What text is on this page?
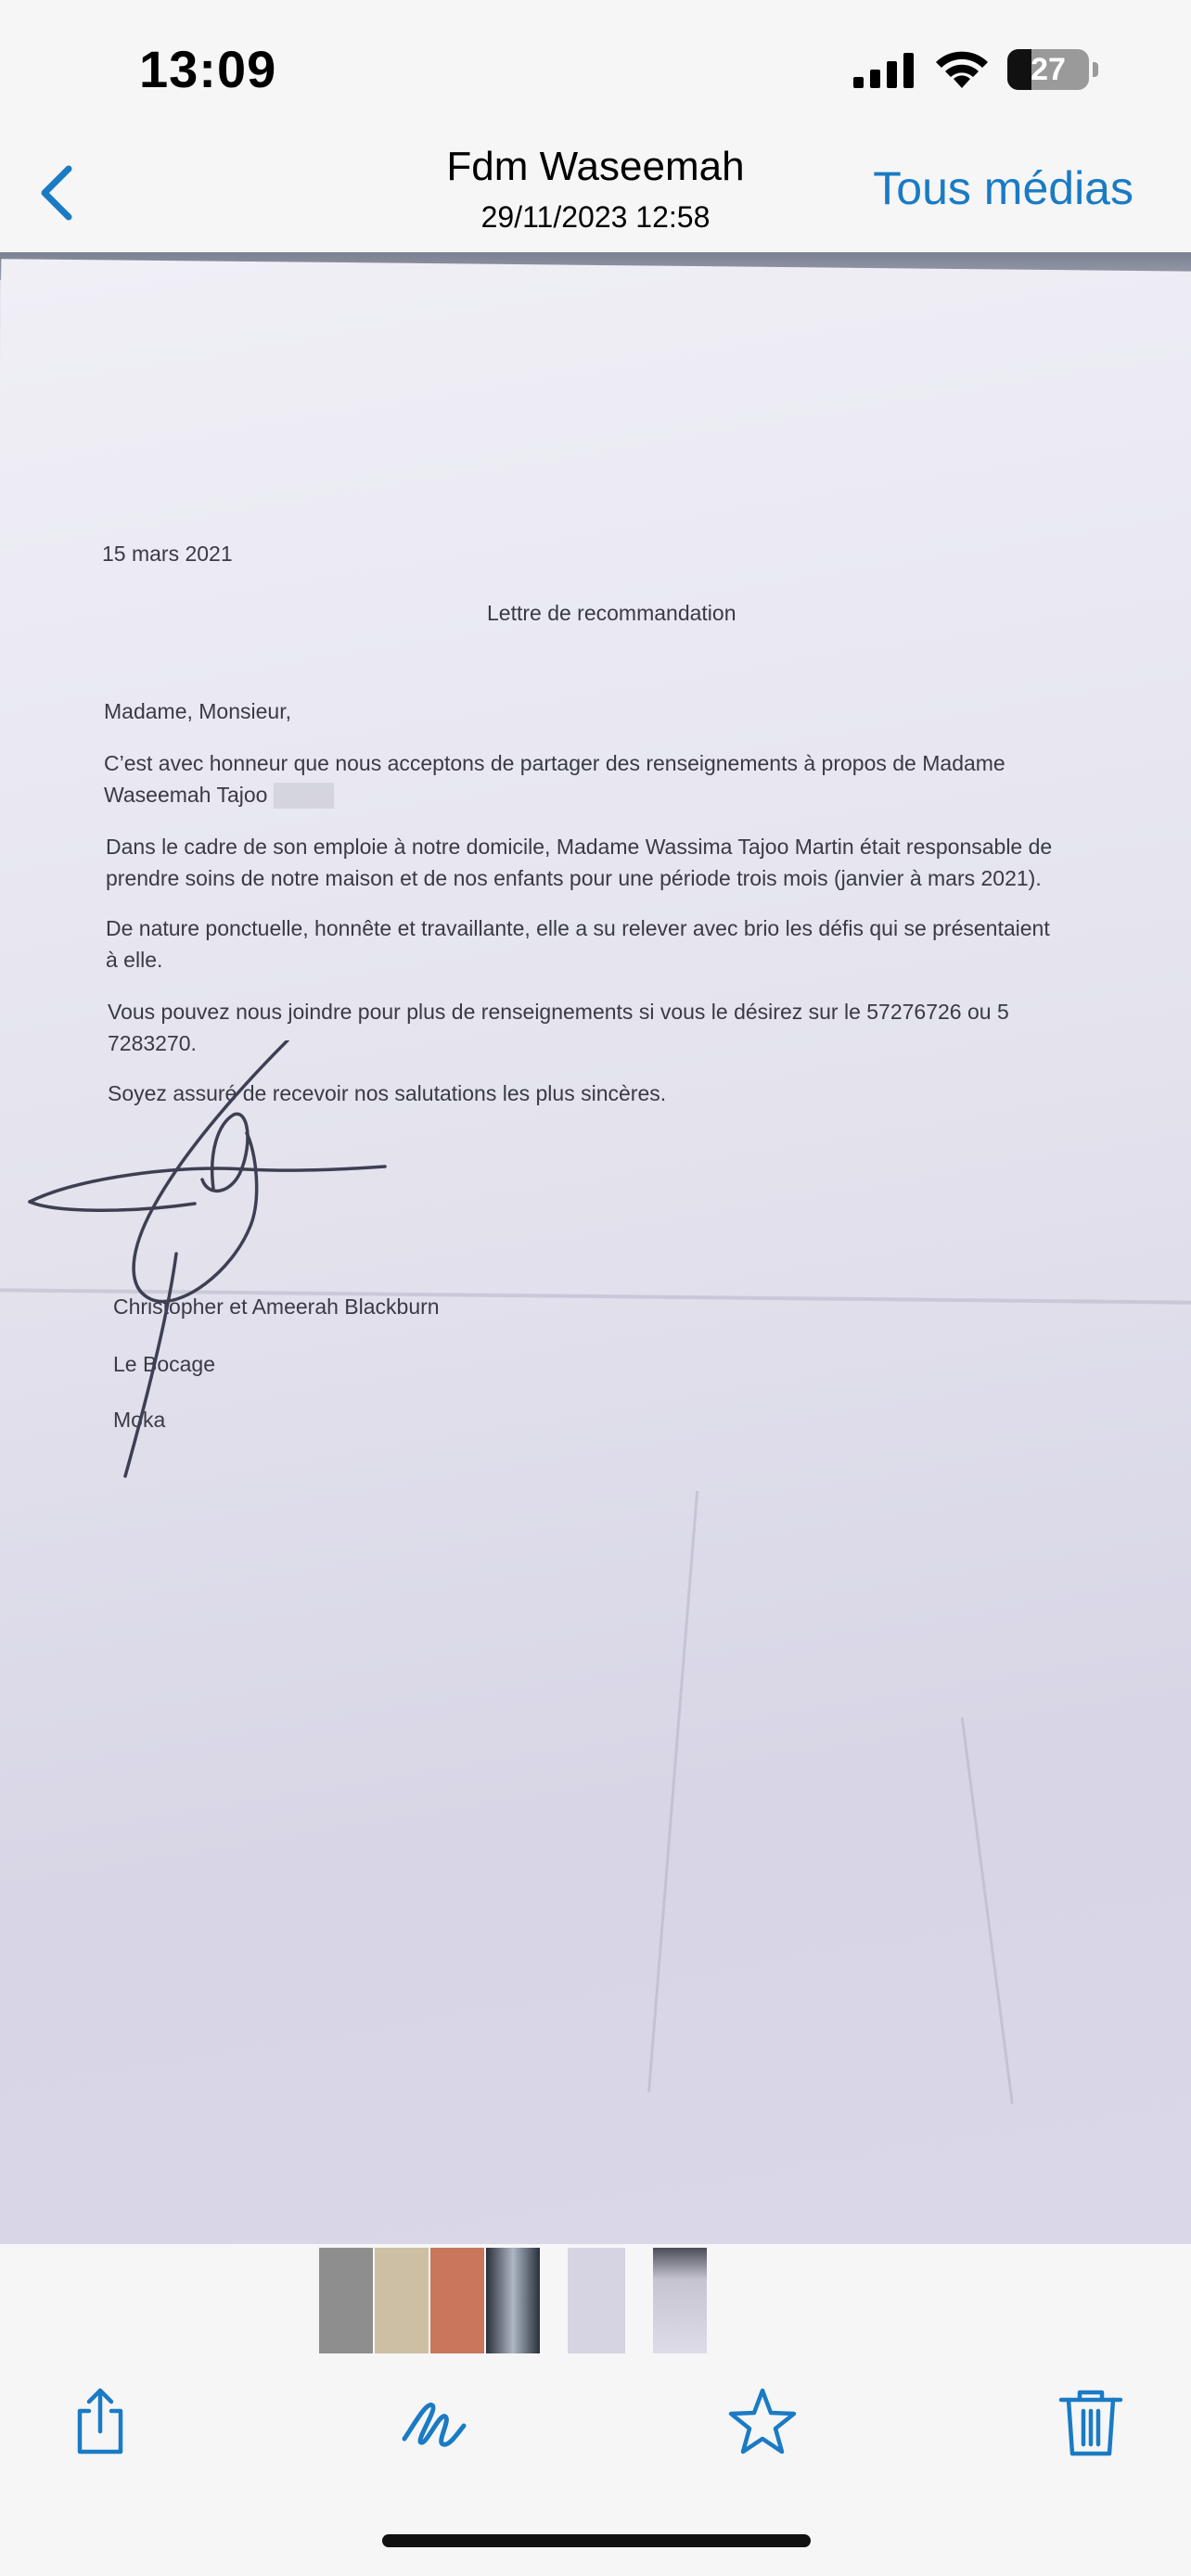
13:09	27
Fdm Waseemah
29/11/2023 12:58
Tous médias
15 mars 2021
Lettre de recommandation
Madame, Monsieur,
C’est avec honneur que nous acceptons de partager des renseignements à propos de Madame
Waseemah Tajoo ████
Dans le cadre de son emploie à notre domicile, Madame Wassima Tajoo Martin était responsable de
prendre soins de notre maison et de nos enfants pour une période trois mois (janvier à mars 2021).
De nature ponctuelle, honnête et travaillante, elle a su relever avec brio les défis qui se présentaient
à elle.
Vous pouvez nous joindre pour plus de renseignements si vous le désirez sur le 57276726 ou 5
7283270.
Soyez assuré de recevoir nos salutations les plus sincères.
Christopher et Ameerah Blackburn
Le Bocage
Moka
